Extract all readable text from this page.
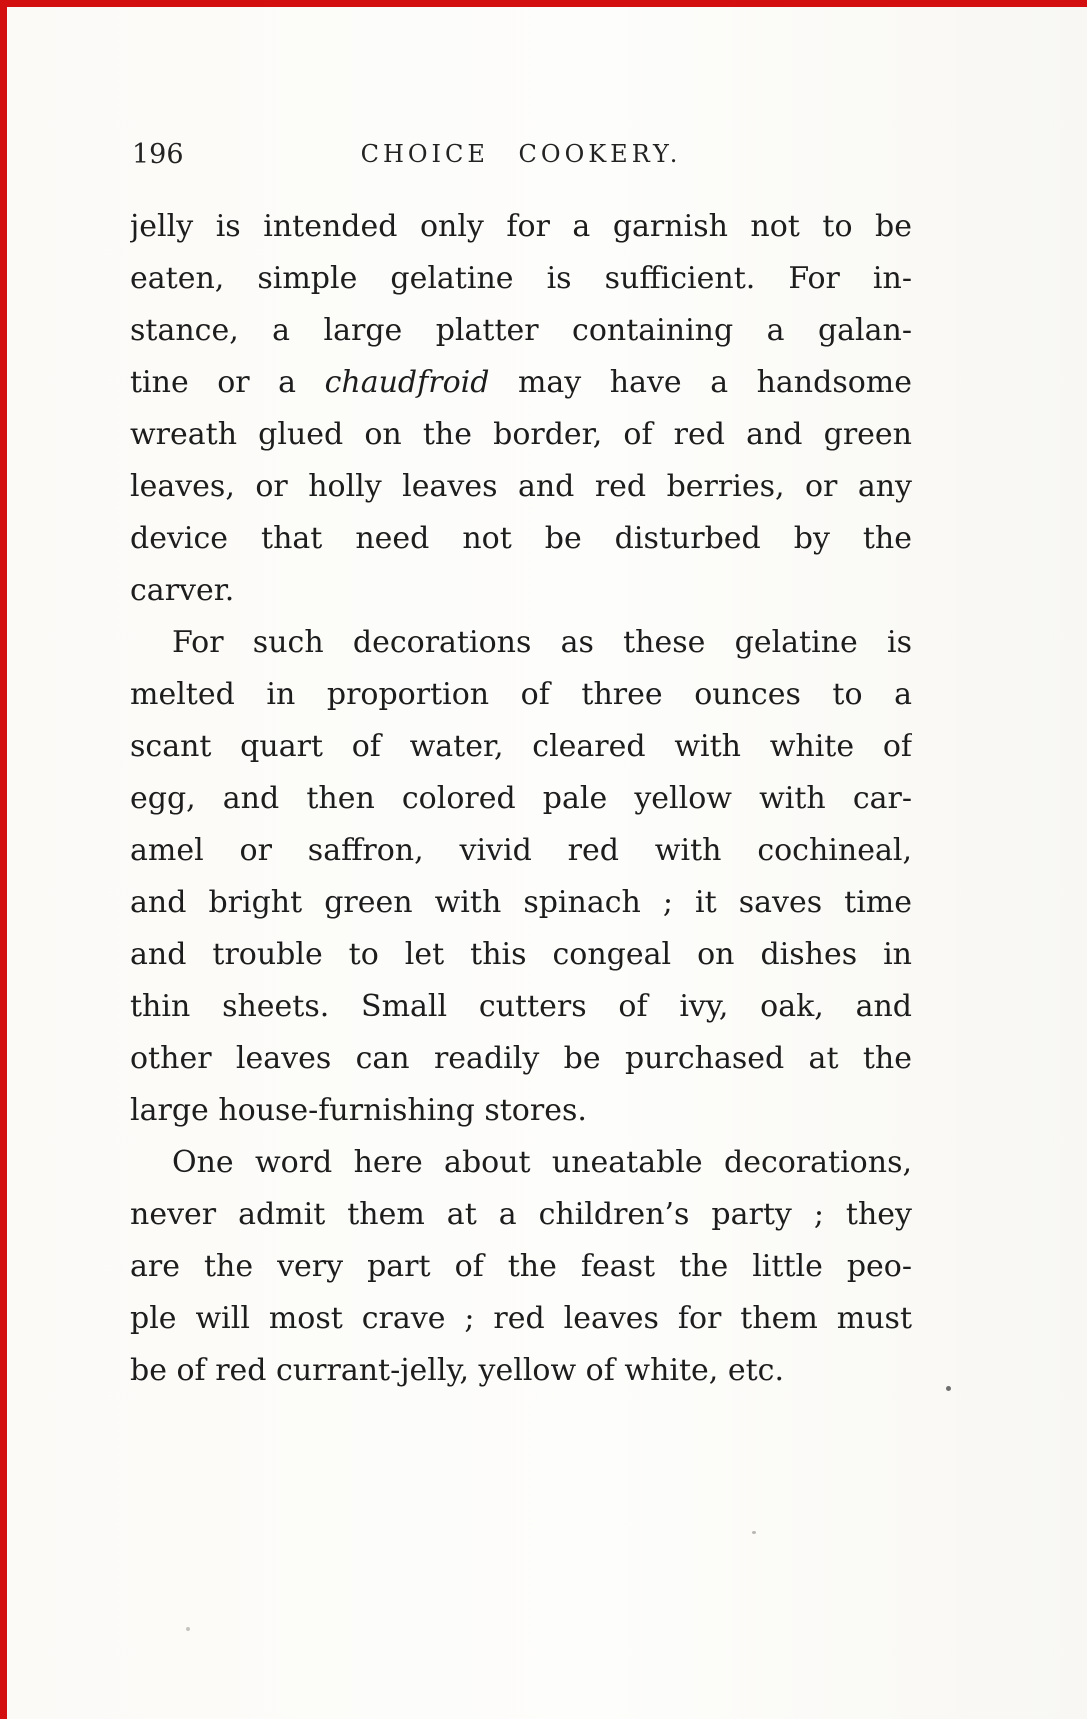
196	CHOICE COOKERY.
jelly is intended only for a garnish not to be
eaten, simple gelatine is sufficient. For in-
stance, a large platter containing a galan-
tine or a chaudfroid may have a handsome
wreath glued on the border, of red and green
leaves, or holly leaves and red berries, or any
device that need not be disturbed by the
carver.
For such decorations as these gelatine is
melted in proportion of three ounces to a
scant quart of water, cleared with white of
egg, and then colored pale yellow with car-
amel or saffron, vivid red with cochineal,
and bright green with spinach ; it saves time
and trouble to let this congeal on dishes in
thin sheets. Small cutters of ivy, oak, and
other leaves can readily be purchased at the
large house-furnishing stores.
One word here about uneatable decorations,
never admit them at a children’s party ; they
are the very part of the feast the little peo-
ple will most crave ; red leaves for them must
be of red currant-jelly, yellow of white, etc.
